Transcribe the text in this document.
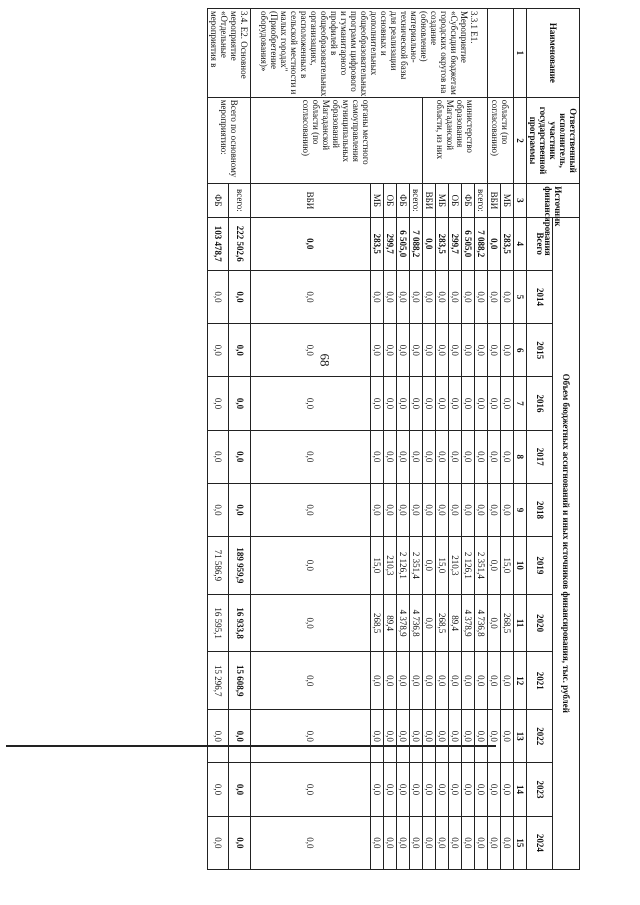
68
Наименование	Ответственный исполнитель, участник государственной программы	Источник финансирования	Объем бюджетных ассигнований и иных источников финансирования, тыс. рублей											
			Всего	2014	2015	2016	2017	2018	2019	2020	2021	2022	2023	2024
1	2	3	4	5	6	7	8	9	10	11	12	13	14	15
	области (по согласованию)	МБ	283,5	0,0	0,0	0,0	0,0	0,0	15,0	268,5	0,0	0,0	0,0	0,0
		ВБИ	0,0	0,0	0,0	0,0	0,0	0,0	0,0	0,0	0,0	0,0	0,0	0,0
3.3.1 Е1. Мероприятие «Субсидии бюджетам городских округов на создание (обновление) материально-технической базы для реализации основных и дополнительных общеобразовательных программ цифрового и гуманитарного профилей в общеобразовательных организациях, расположенных в сельской местности и малых городах" (Приобретение оборудования)»	министерство образования Магаданской области, из них	всего:	7 088,2	0,0	0,0	0,0	0,0	0,0	2 351,4	4 736,8	0,0	0,0	0,0	0,0
		ФБ	6 505,0	0,0	0,0	0,0	0,0	0,0	2 126,1	4 378,9	0,0	0,0	0,0	0,0
		ОБ	299,7	0,0	0,0	0,0	0,0	0,0	210,3	89,4	0,0	0,0	0,0	0,0
		МБ	283,5	0,0	0,0	0,0	0,0	0,0	15,0	268,5	0,0	0,0	0,0	0,0
		ВБИ	0,0	0,0	0,0	0,0	0,0	0,0	0,0	0,0	0,0	0,0	0,0	0,0
	органы местного самоуправления муниципальных образований Магаданской области (по согласованию)	всего:	7 088,2	0,0	0,0	0,0	0,0	0,0	2 351,4	4 736,8	0,0	0,0	0,0	0,0
		ФБ	6 505,0	0,0	0,0	0,0	0,0	0,0	2 126,1	4 378,9	0,0	0,0	0,0	0,0
		ОБ	299,7	0,0	0,0	0,0	0,0	0,0	210,3	89,4	0,0	0,0	0,0	0,0
		МБ	283,5	0,0	0,0	0,0	0,0	0,0	15,0	268,5	0,0	0,0	0,0	0,0
		ВБИ	0,0	0,0	0,0	0,0	0,0	0,0	0,0	0,0	0,0	0,0	0,0	0,0
3.4. Е2. Основное мероприятие «Отдельные мероприятия в	Всего по основному мероприятию:	всего:	222 502,6	0,0	0,0	0,0	0,0	0,0	189 959,9	16 933,8	15 608,9	0,0	0,0	0,0
		ФБ	103 478,7	0,0	0,0	0,0	0,0	0,0	71 586,9	16 595,1	15 296,7	0,0	0,0	0,0
